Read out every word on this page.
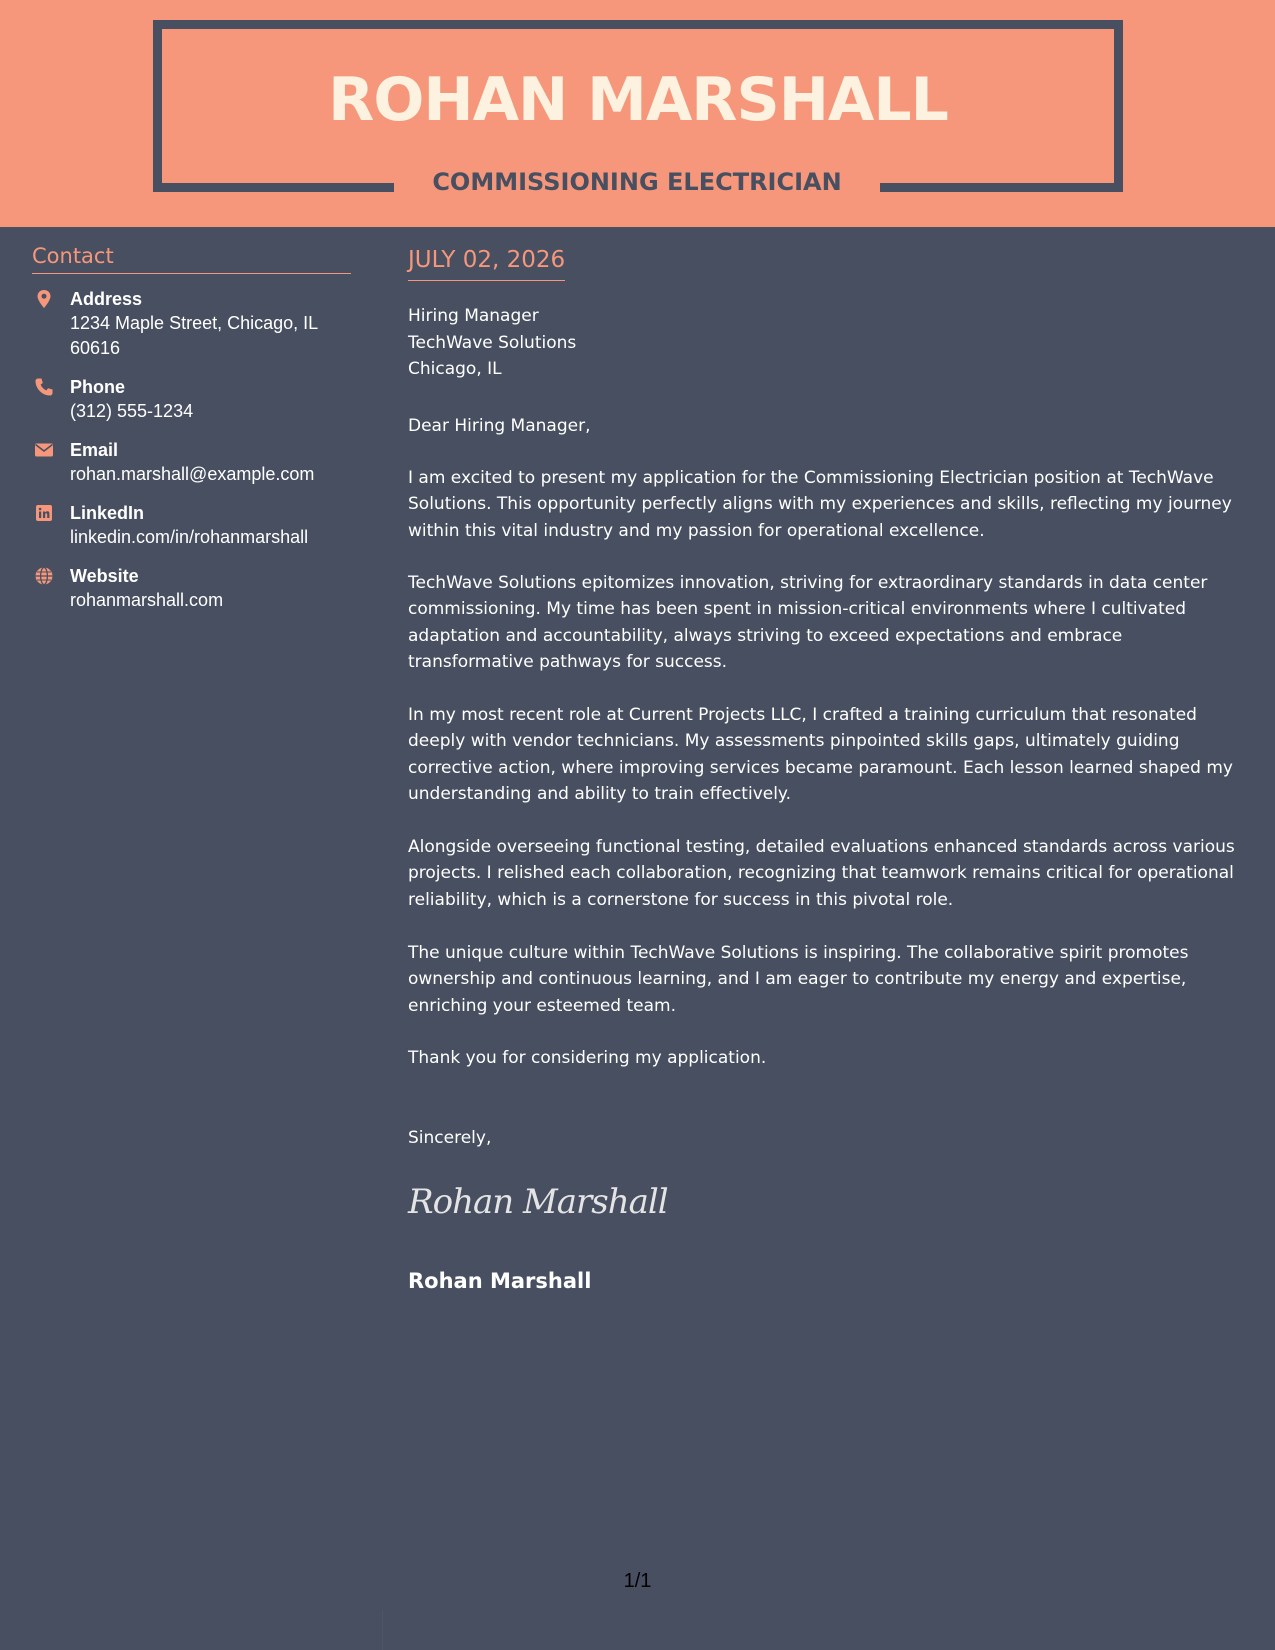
ROHAN MARSHALL
COMMISSIONING ELECTRICIAN
Contact
Address
1234 Maple Street, Chicago, IL 60616
Phone
(312) 555-1234
Email
rohan.marshall@example.com
LinkedIn
linkedin.com/in/rohanmarshall
Website
rohanmarshall.com
JULY 02, 2026
Hiring Manager
TechWave Solutions
Chicago, IL
Dear Hiring Manager,
I am excited to present my application for the Commissioning Electrician position at TechWave Solutions. This opportunity perfectly aligns with my experiences and skills, reflecting my journey within this vital industry and my passion for operational excellence.
TechWave Solutions epitomizes innovation, striving for extraordinary standards in data center commissioning. My time has been spent in mission-critical environments where I cultivated adaptation and accountability, always striving to exceed expectations and embrace transformative pathways for success.
In my most recent role at Current Projects LLC, I crafted a training curriculum that resonated deeply with vendor technicians. My assessments pinpointed skills gaps, ultimately guiding corrective action, where improving services became paramount. Each lesson learned shaped my understanding and ability to train effectively.
Alongside overseeing functional testing, detailed evaluations enhanced standards across various projects. I relished each collaboration, recognizing that teamwork remains critical for operational reliability, which is a cornerstone for success in this pivotal role.
The unique culture within TechWave Solutions is inspiring. The collaborative spirit promotes ownership and continuous learning, and I am eager to contribute my energy and expertise, enriching your esteemed team.
Thank you for considering my application.
Sincerely,
Rohan Marshall
Rohan Marshall
1/1
